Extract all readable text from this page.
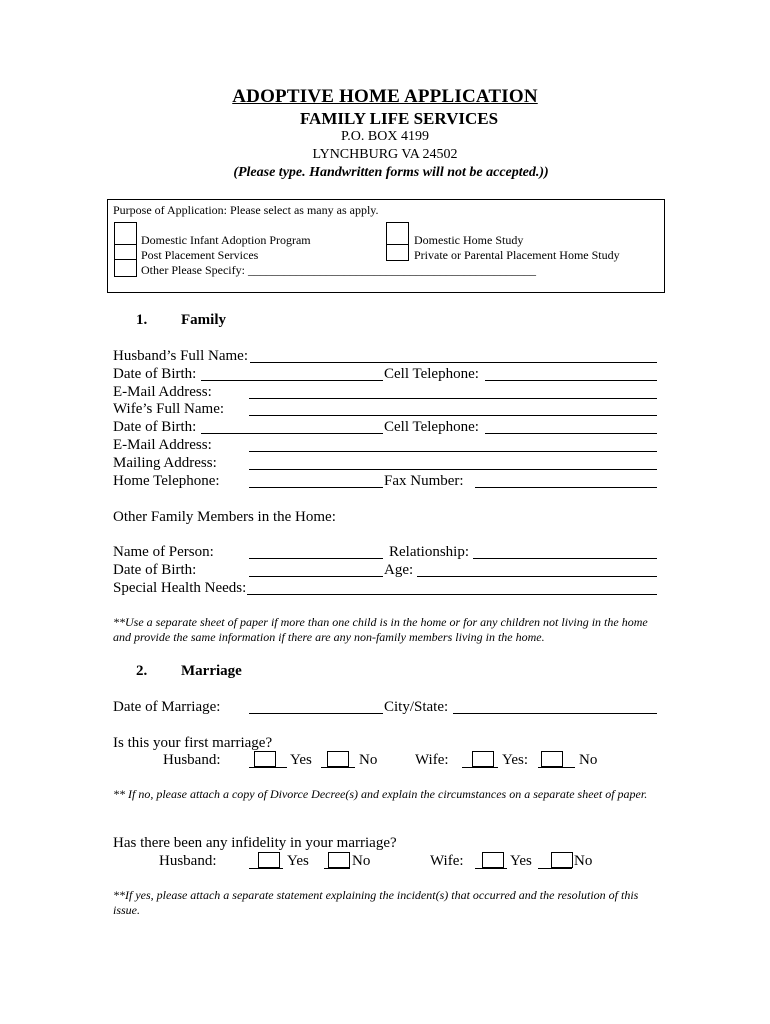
ADOPTIVE HOME APPLICATION
FAMILY LIFE SERVICES
P.O. BOX 4199
LYNCHBURG VA 24502
(Please type. Handwritten forms will not be accepted.))
Purpose of Application: Please select as many as apply.
Domestic Infant Adoption Program
Post Placement Services
Other Please Specify: ________________________________________________
Domestic Home Study
Private or Parental Placement Home Study
1. Family
Husband’s Full Name:
Date of Birth:	Cell Telephone:
E-Mail Address:
Wife’s Full Name:
Date of Birth:	Cell Telephone:
E-Mail Address:
Mailing Address:
Home Telephone:	Fax Number:
Other Family Members in the Home:
Name of Person:	Relationship:
Date of Birth:	Age:
Special Health Needs:
**Use a separate sheet of paper if more than one child is in the home or for any children not living in the home and provide the same information if there are any non-family members living in the home.
2. Marriage
Date of Marriage:	City/State:
Is this your first marriage?
Husband:	Yes	No	Wife:	Yes:	No
** If no, please attach a copy of Divorce Decree(s) and explain the circumstances on a separate sheet of paper.
Has there been any infidelity in your marriage?
Husband:	Yes	No	Wife:	Yes	No
**If yes, please attach a separate statement explaining the incident(s) that occurred and the resolution of this issue.
